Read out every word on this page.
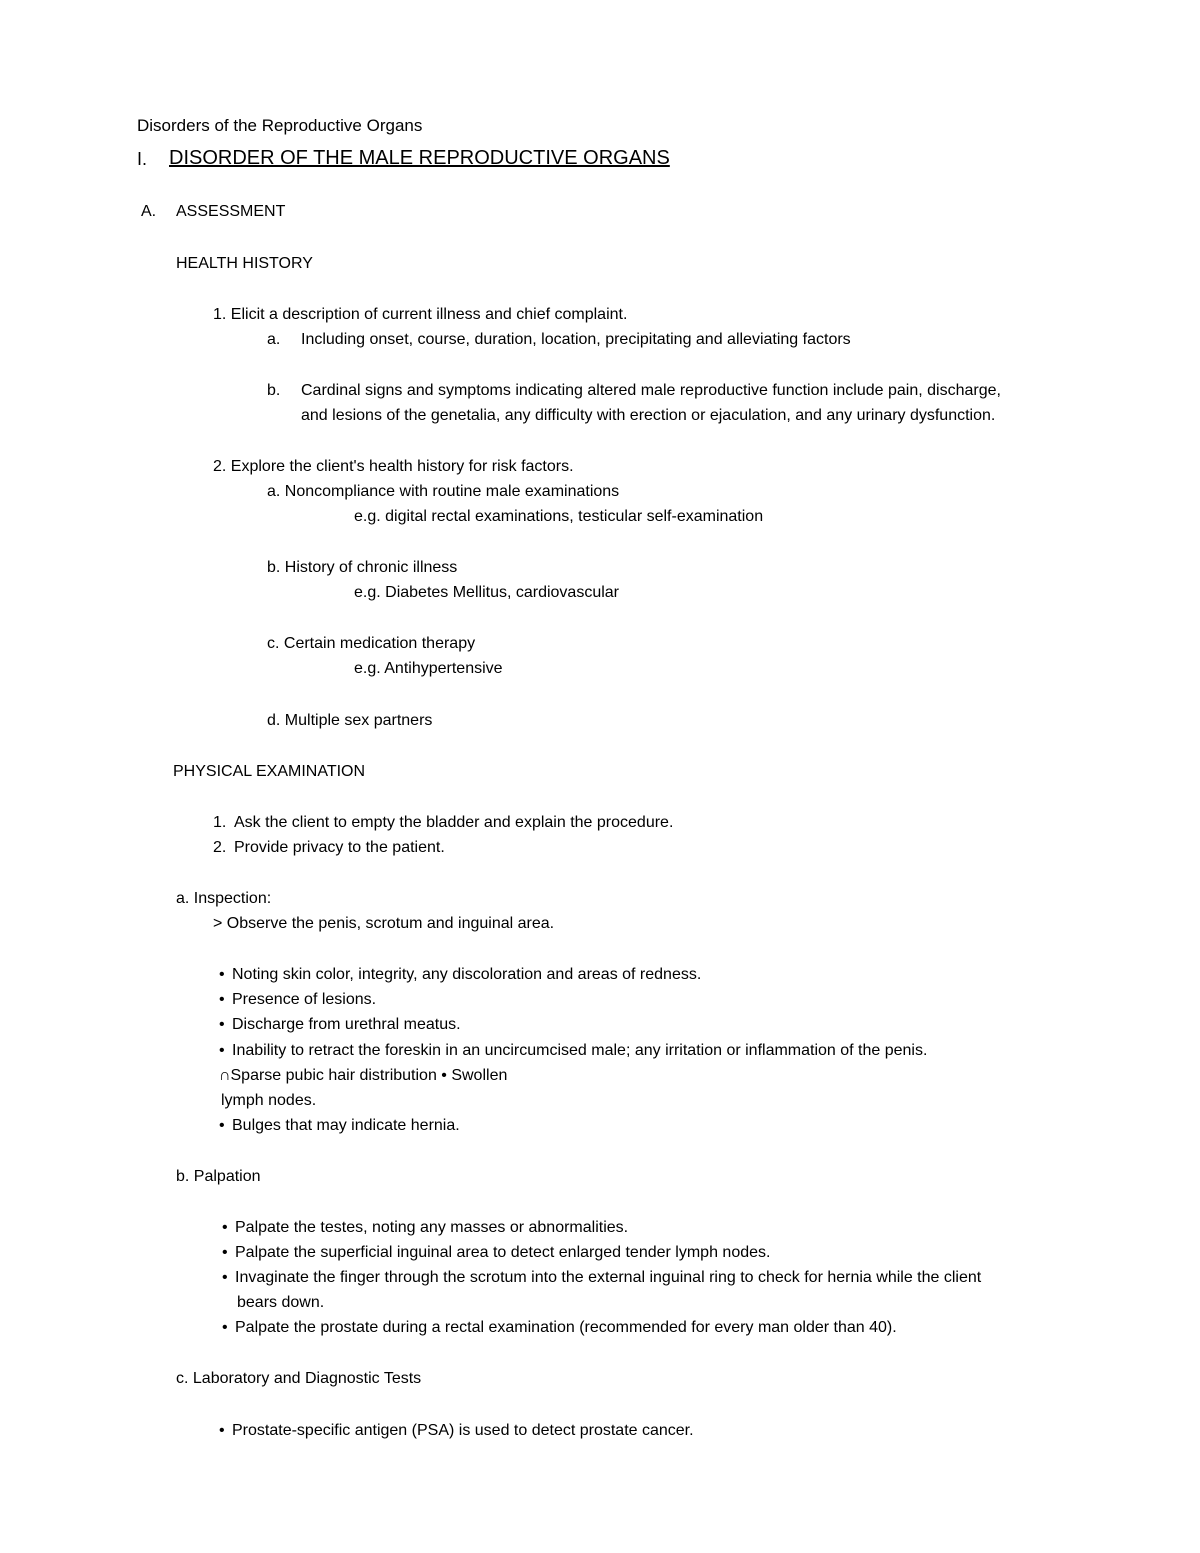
Disorders of the Reproductive Organs
I. DISORDER OF THE MALE REPRODUCTIVE ORGANS
A. ASSESSMENT
HEALTH HISTORY
1. Elicit a description of current illness and chief complaint.
a. Including onset, course, duration, location, precipitating and alleviating factors
b. Cardinal signs and symptoms indicating altered male reproductive function include pain, discharge,
and lesions of the genetalia, any difficulty with erection or ejaculation, and any urinary dysfunction.
2. Explore the client's health history for risk factors.
a. Noncompliance with routine male examinations
e.g. digital rectal examinations, testicular self-examination
b. History of chronic illness
e.g. Diabetes Mellitus, cardiovascular
c. Certain medication therapy
e.g. Antihypertensive
d. Multiple sex partners
PHYSICAL EXAMINATION
1. Ask the client to empty the bladder and explain the procedure.
2. Provide privacy to the patient.
a. Inspection:
> Observe the penis, scrotum and inguinal area.
• Noting skin color, integrity, any discoloration and areas of redness.
• Presence of lesions.
• Discharge from urethral meatus.
• Inability to retract the foreskin in an uncircumcised male; any irritation or inflammation of the penis.
∩Sparse pubic hair distribution • Swollen
lymph nodes.
• Bulges that may indicate hernia.
b. Palpation
• Palpate the testes, noting any masses or abnormalities.
• Palpate the superficial inguinal area to detect enlarged tender lymph nodes.
• Invaginate the finger through the scrotum into the external inguinal ring to check for hernia while the client
bears down.
• Palpate the prostate during a rectal examination (recommended for every man older than 40).
c. Laboratory and Diagnostic Tests
• Prostate-specific antigen (PSA) is used to detect prostate cancer.
